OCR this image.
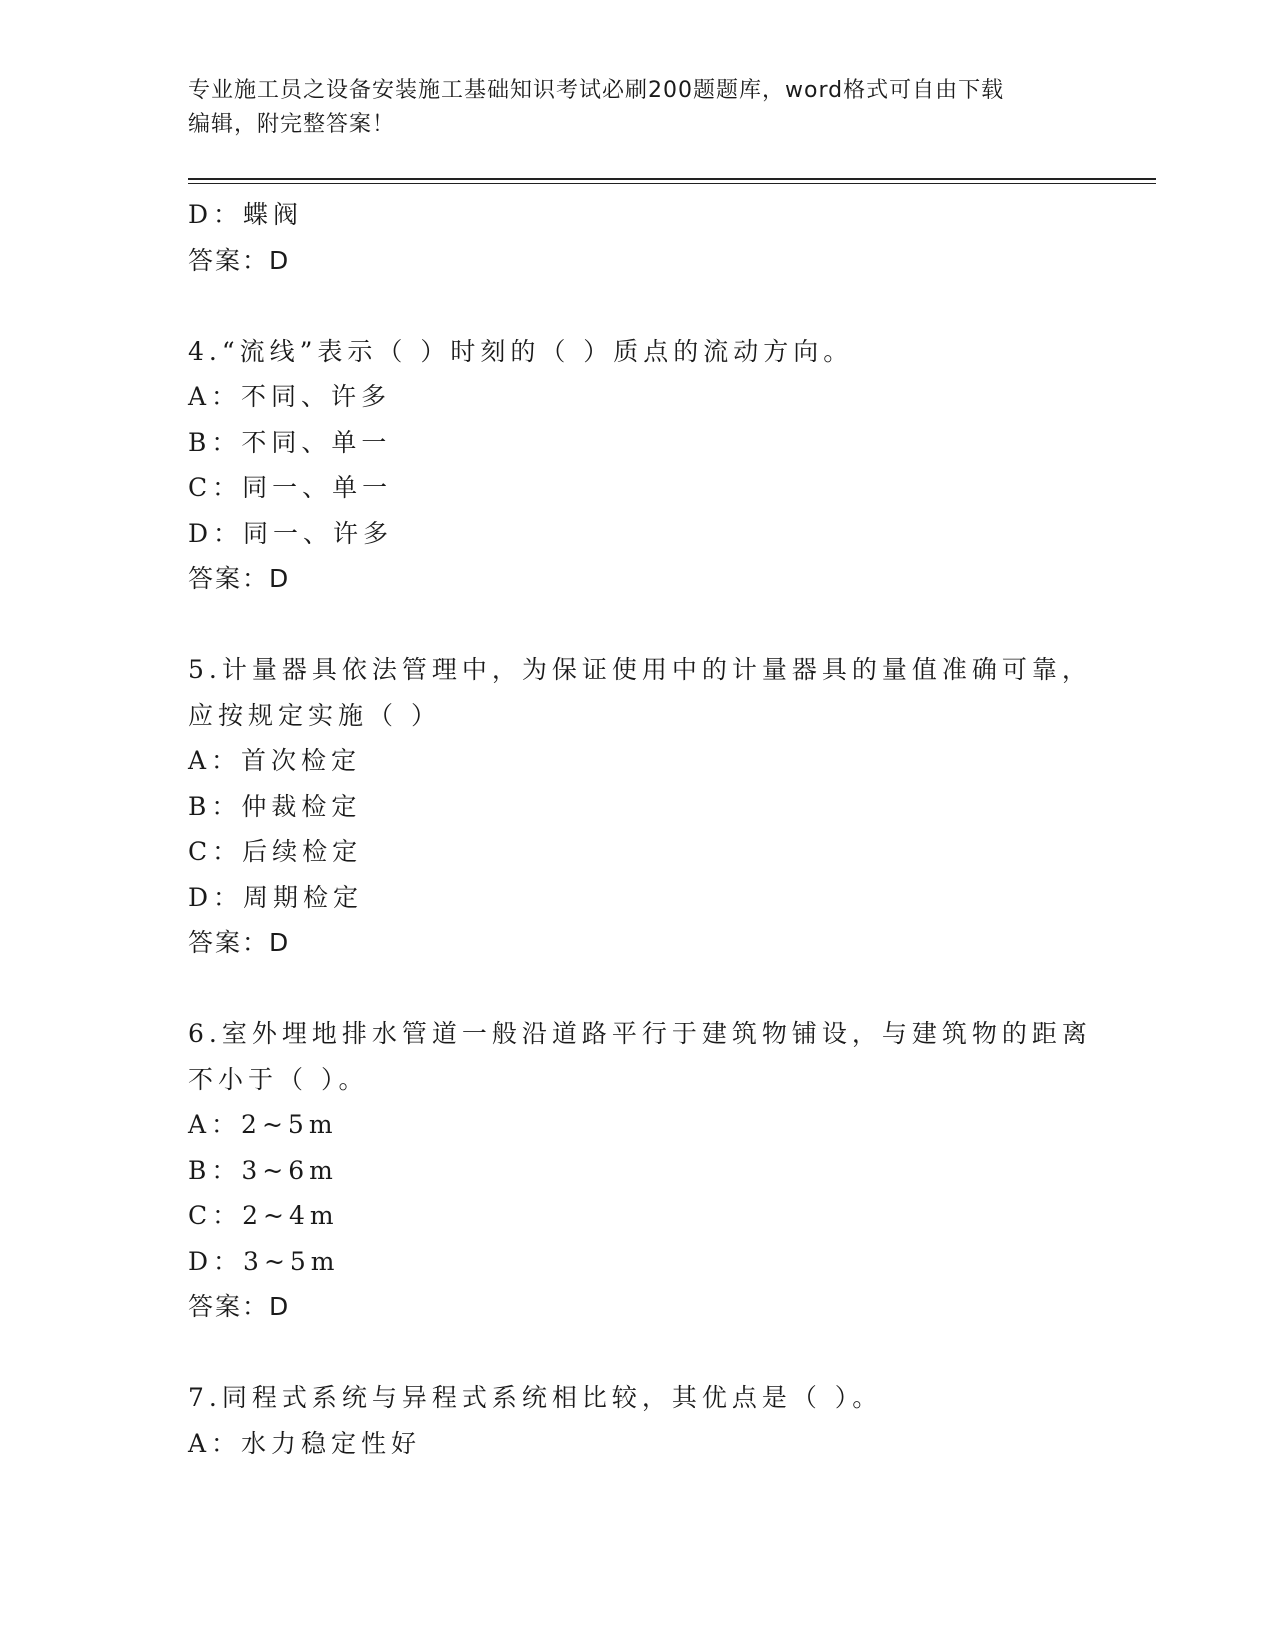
专业施工员之设备安装施工基础知识考试必刷200题题库，word格式可自由下载
编辑，附完整答案！
D：蝶阀
答案：D
4.“流线”表示（ ）时刻的（ ）质点的流动方向。
A：不同、许多
B：不同、单一
C：同一、单一
D：同一、许多
答案：D
5.计量器具依法管理中，为保证使用中的计量器具的量值准确可靠，
应按规定实施（ ）
A：首次检定
B：仲裁检定
C：后续检定
D：周期检定
答案：D
6.室外埋地排水管道一般沿道路平行于建筑物铺设，与建筑物的距离
不小于（ ）。
A：2~5m
B：3~6m
C：2~4m
D：3~5m
答案：D
7.同程式系统与异程式系统相比较，其优点是（ ）。
A：水力稳定性好
